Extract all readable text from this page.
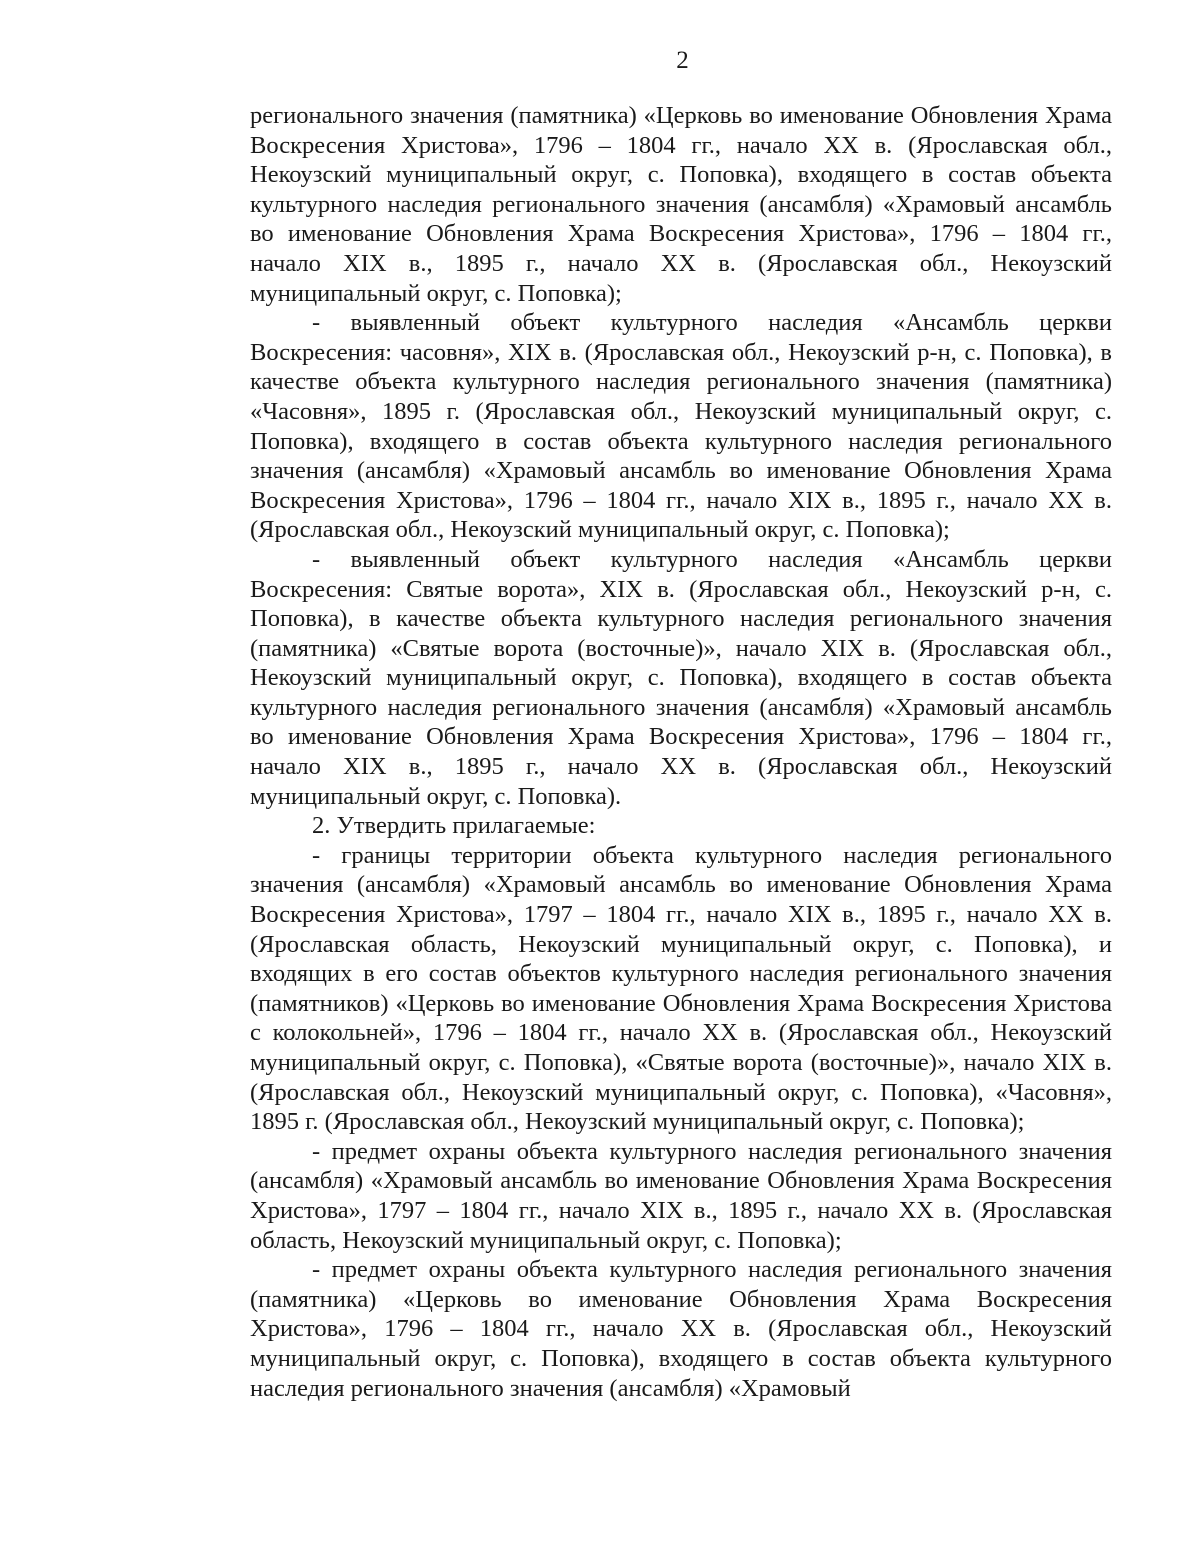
2

регионального значения (памятника) «Церковь во именование Обновления Храма Воскресения Христова», 1796 – 1804 гг., начало XX в. (Ярославская обл., Некоузский муниципальный округ, с. Поповка), входящего в состав объекта культурного наследия регионального значения (ансамбля) «Храмовый ансамбль во именование Обновления Храма Воскресения Христова», 1796 – 1804 гг., начало XIX в., 1895 г., начало XX в. (Ярославская обл., Некоузский муниципальный округ, с. Поповка);

- выявленный объект культурного наследия «Ансамбль церкви Воскресения: часовня», XIX в. (Ярославская обл., Некоузский р-н, с. Поповка), в качестве объекта культурного наследия регионального значения (памятника) «Часовня», 1895 г. (Ярославская обл., Некоузский муниципальный округ, с. Поповка), входящего в состав объекта культурного наследия регионального значения (ансамбля) «Храмовый ансамбль во именование Обновления Храма Воскресения Христова», 1796 – 1804 гг., начало XIX в., 1895 г., начало XX в. (Ярославская обл., Некоузский муниципальный округ, с. Поповка);

- выявленный объект культурного наследия «Ансамбль церкви Воскресения: Святые ворота», XIX в. (Ярославская обл., Некоузский р-н, с. Поповка), в качестве объекта культурного наследия регионального значения (памятника) «Святые ворота (восточные)», начало XIX в. (Ярославская обл., Некоузский муниципальный округ, с. Поповка), входящего в состав объекта культурного наследия регионального значения (ансамбля) «Храмовый ансамбль во именование Обновления Храма Воскресения Христова», 1796 – 1804 гг., начало XIX в., 1895 г., начало XX в. (Ярославская обл., Некоузский муниципальный округ, с. Поповка).

2. Утвердить прилагаемые:

- границы территории объекта культурного наследия регионального значения (ансамбля) «Храмовый ансамбль во именование Обновления Храма Воскресения Христова», 1797 – 1804 гг., начало XIX в., 1895 г., начало XX в. (Ярославская область, Некоузский муниципальный округ, с. Поповка), и входящих в его состав объектов культурного наследия регионального значения (памятников) «Церковь во именование Обновления Храма Воскресения Христова с колокольней», 1796 – 1804 гг., начало XX в. (Ярославская обл., Некоузский муниципальный округ, с. Поповка), «Святые ворота (восточные)», начало XIX в. (Ярославская обл., Некоузский муниципальный округ, с. Поповка), «Часовня», 1895 г. (Ярославская обл., Некоузский муниципальный округ, с. Поповка);

- предмет охраны объекта культурного наследия регионального значения (ансамбля) «Храмовый ансамбль во именование Обновления Храма Воскресения Христова», 1797 – 1804 гг., начало XIX в., 1895 г., начало XX в. (Ярославская область, Некоузский муниципальный округ, с. Поповка);

- предмет охраны объекта культурного наследия регионального значения (памятника) «Церковь во именование Обновления Храма Воскресения Христова», 1796 – 1804 гг., начало XX в. (Ярославская обл., Некоузский муниципальный округ, с. Поповка), входящего в состав объекта культурного наследия регионального значения (ансамбля) «Храмовый
